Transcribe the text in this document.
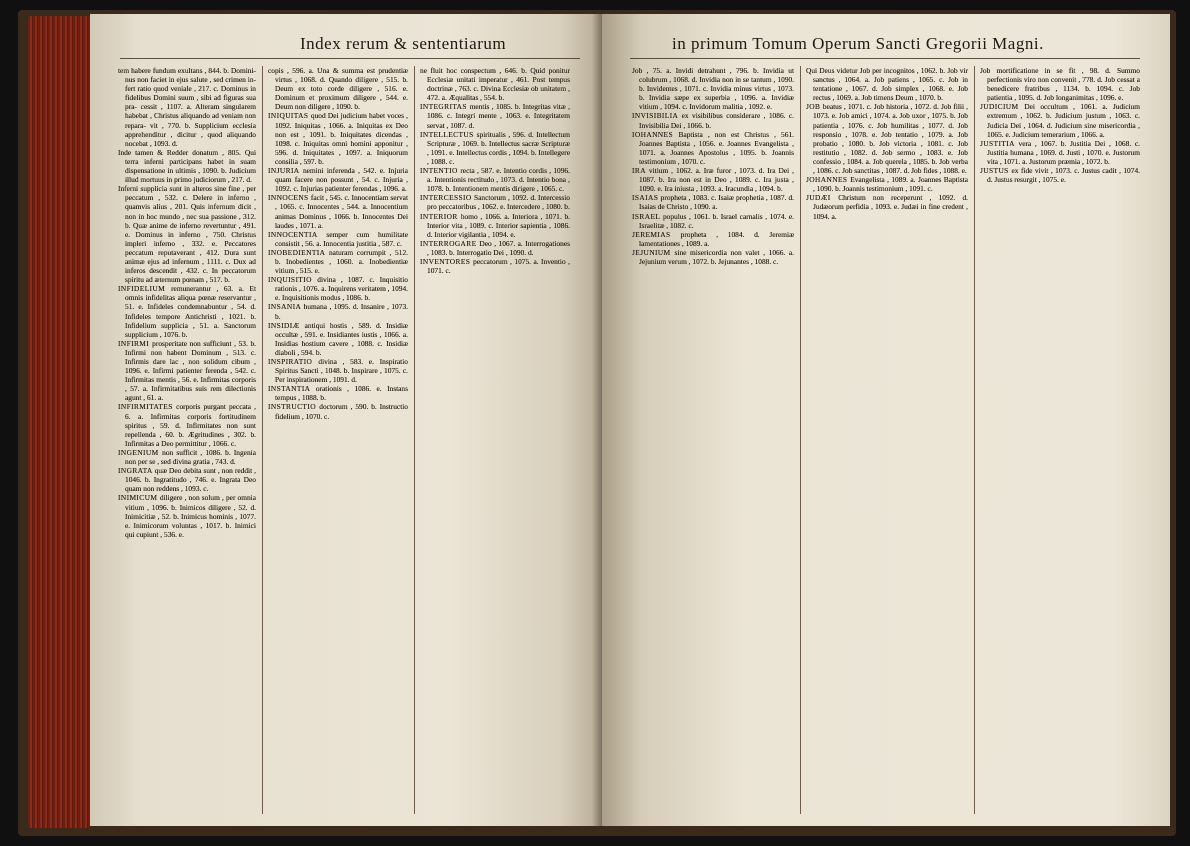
Index rerum & sententiarum
tem habere fundum exultans , 844. b. Domini-nus non faciet in ejus salute , sed crimen in- fert ratio quod veniale , 217. c. Dominus in fidelibus Domini suum , sibi ad figuras sua pra- cessit , 1107. a. Alteram singularem habebat , Christus aliquando ad veniam non repara- vit , 770. b. Supplicium ecclesia apprehenditur , dicitur , quod aliquando nocebat , 1093. d.
Inde tamen & Redder donatum , 805. Qui terra inferni participans habet in suam dispensatione in ultimis , 1090. b. Judicium illud mortuus in primo judiciorum , 217. d.
Inferni supplicia sunt in alteros sine fine , per peccatum , 532. c. Delere in inferno , quamvis alius , 201. Quis infernum dicit , non in hoc mundo , nec sua passione , 312. b. Quæ anime de inferno revertuntur , 491. e. Dominus in inferno , 750. Christus impleri inferno , 332. e. Peccatores peccatum reputaverant , 412. Dura sunt animæ ejus ad infernum , 1111. c. Dux ad inferos descendit , 432. c. In peccatorum spiritu ad æternum pœnam , 517. b.
INFIDELIUM remunerantur , 63. a. Et omnis infidelitas aliqua pœnæ reservantur , 51. e. Infideles condemnabuntur , 54. d. Infideles tempore Antichristi , 1021. b. Infidelium supplicia , 51. a. Sanctorum supplicium , 1076. b.
INFIRMI prosperitate non sufficiunt , 53. b. Infirmi non habent Dominum , 513. c. Infirmis dare lac , non solidum cibum , 1096. e. Infirmi patienter ferenda , 542. c. Infirmitas mentis , 56. e. Infirmitas corporis , 57. a. Infirmitatibus suis rem dilectionis agunt , 61. a.
INFIRMITATES corporis purgant peccata , 6. a. Infirmitas corporis fortitudinem spiritus , 59. d. Infirmitates non sunt repellenda , 60. b. Ægritudines , 302. b. Infirmitas a Deo permittitur , 1066. c.
INGENIUM non sufficit , 1086. b. Ingenia non per se , sed divina gratia , 743. d.
INGRATA quæ Deo debita sunt , non reddit , 1046. b. Ingratitudo , 746. e. Ingrata Deo quam non reddens , 1093. c.
INIMICUM diligere , non solum , per omnia vitium , 1096. b. Inimicos diligere , 52. d. Inimicitiæ , 52. b. Inimicus hominis , 1077. e. Inimicorum voluntas , 1017. b. Inimici qui cupiunt , 536. e.
copis , 596. a. Una & summa est prudentiæ virtus , 1068. d. Quando diligere , 515. b. Deum ex toto corde diligere , 516. e. Dominum et proximum diligere , 544. e. Deum non diligere , 1090. b.
INIQUITAS quod Dei judicium habet voces , 1092. Iniquitas , 1066. a. Iniquitas ex Deo non est , 1091. b. Iniquitates dicendas , 1098. c. Iniquitas omni homini apponitur , 596. d. Iniquitates , 1097. a. Iniquorum consilia , 597. b.
INJURIA nemini inferenda , 542. e. Injuria quam facere non possunt , 54. c. Injuria , 1092. c. Injurias patienter ferendas , 1096. a.
INNOCENS facit , 545. c. Innocentiam servat , 1065. c. Innocentes , 544. a. Innocentium animas Dominus , 1066. b. Innocentes Dei laudes , 1071. a.
INNOCENTIA semper cum humilitate consistit , 56. a. Innocentia justitia , 587. c.
INOBEDIENTIA naturam corrumpit , 512. b. Inobedientes , 1060. a. Inobedientiæ vitium , 515. e.
INQUISITIO divina , 1087. c. Inquisitio rationis , 1076. a. Inquirens veritatem , 1094. e. Inquisitionis modus , 1086. b.
INSANIA humana , 1095. d. Insanire , 1073. b.
INSIDIÆ antiqui hostis , 589. d. Insidiæ occultæ , 591. e. Insidiantes iustis , 1066. a. Insidias hostium cavere , 1088. c. Insidiæ diaboli , 594. b.
INSPIRATIO divina , 583. e. Inspiratio Spiritus Sancti , 1048. b. Inspirare , 1075. c. Per inspirationem , 1091. d.
INSTANTIA orationis , 1086. e. Instans tempus , 1088. b.
INSTRUCTIO doctorum , 590. b. Instructio fidelium , 1070. c.
ne fluit hoc conspectum , 646. b. Quid ponitur Ecclesiæ unitati imperatur , 461. Post tempus doctrinæ , 763. c. Divina Ecclesiæ ob unitatem , 472. a. Æqualitas , 554. b.
INTEGRITAS mentis , 1085. b. Integritas vitæ , 1086. c. Integri mente , 1063. e. Integritatem servat , 1087. d.
INTELLECTUS spiritualis , 596. d. Intellectum Scripturæ , 1069. b. Intellectus sacræ Scripturæ , 1091. e. Intellectus cordis , 1094. b. Intellegere , 1088. c.
INTENTIO recta , 587. e. Intentio cordis , 1096. a. Intentionis rectitudo , 1073. d. Intentio bona , 1078. b. Intentionem mentis dirigere , 1065. c.
INTERCESSIO Sanctorum , 1092. d. Intercessio pro peccatoribus , 1062. e. Intercedere , 1080. b.
INTERIOR homo , 1066. a. Interiora , 1071. b. Interior vita , 1089. c. Interior sapientia , 1086. d. Interior vigilantia , 1094. e.
INTERROGARE Deo , 1067. a. Interrogationes , 1083. b. Interrogatio Dei , 1090. d.
INVENTORES peccatorum , 1075. a. Inventio , 1071. c.
in primum Tomum Operum Sancti Gregorii Magni.
Job , 75. a. Invidi detrahunt , 796. b. Invidia ut colubrum , 1068. d. Invidia non in se tantum , 1090. b. Invidentes , 1071. c. Invidia minus virtus , 1073. b. Invidia sæpe ex superbia , 1096. a. Invidiæ vitium , 1094. c. Invidorum malitia , 1092. e.
INVISIBILIA ex visibilibus considerare , 1086. c. Invisibilia Dei , 1066. b.
IOHANNES Baptista , non est Christus , 561. Joannes Baptista , 1056. e. Joannes Evangelista , 1071. a. Joannes Apostolus , 1095. b. Joannis testimonium , 1070. c.
IRA vitium , 1062. a. Iræ furor , 1073. d. Ira Dei , 1087. b. Ira non est in Deo , 1089. c. Ira justa , 1090. e. Ira iniusta , 1093. a. Iracundia , 1094. b.
ISAIAS propheta , 1083. c. Isaiæ prophetia , 1087. d. Isaias de Christo , 1090. a.
ISRAEL populus , 1061. b. Israel carnalis , 1074. e. Israelitæ , 1082. c.
JEREMIAS propheta , 1084. d. Jeremiæ lamentationes , 1089. a.
JEJUNIUM sine misericordia non valet , 1066. a. Jejunium verum , 1072. b. Jejunantes , 1088. c.
Qui Deus videtur Job per incognitos , 1062. b. Job vir sanctus , 1064. a. Job patiens , 1065. c. Job in tentatione , 1067. d. Job simplex , 1068. e. Job rectus , 1069. a. Job timens Deum , 1070. b.
JOB beatus , 1071. c. Job historia , 1072. d. Job filii , 1073. e. Job amici , 1074. a. Job uxor , 1075. b. Job patientia , 1076. c. Job humilitas , 1077. d. Job responsio , 1078. e. Job tentatio , 1079. a. Job probatio , 1080. b. Job victoria , 1081. c. Job restitutio , 1082. d. Job sermo , 1083. e. Job confessio , 1084. a. Job querela , 1085. b. Job verba , 1086. c. Job sanctitas , 1087. d. Job fides , 1088. e.
JOHANNES Evangelista , 1089. a. Joannes Baptista , 1090. b. Joannis testimonium , 1091. c.
JUDÆI Christum non receperunt , 1092. d. Judæorum perfidia , 1093. e. Judæi in fine credent , 1094. a.
Job mortificatione in se fit , 98. d. Summo perfectionis viro non convenit , 778. d. Job cessat a benedicere fratribus , 1134. b. 1094. c. Job patientia , 1095. d. Job longanimitas , 1096. e.
JUDICIUM Dei occultum , 1061. a. Judicium extremum , 1062. b. Judicium justum , 1063. c. Judicia Dei , 1064. d. Judicium sine misericordia , 1065. e. Judicium temerarium , 1066. a.
JUSTITIA vera , 1067. b. Justitia Dei , 1068. c. Justitia humana , 1069. d. Justi , 1070. e. Justorum vita , 1071. a. Justorum præmia , 1072. b.
JUSTUS ex fide vivit , 1073. c. Justus cadit , 1074. d. Justus resurgit , 1075. e.
